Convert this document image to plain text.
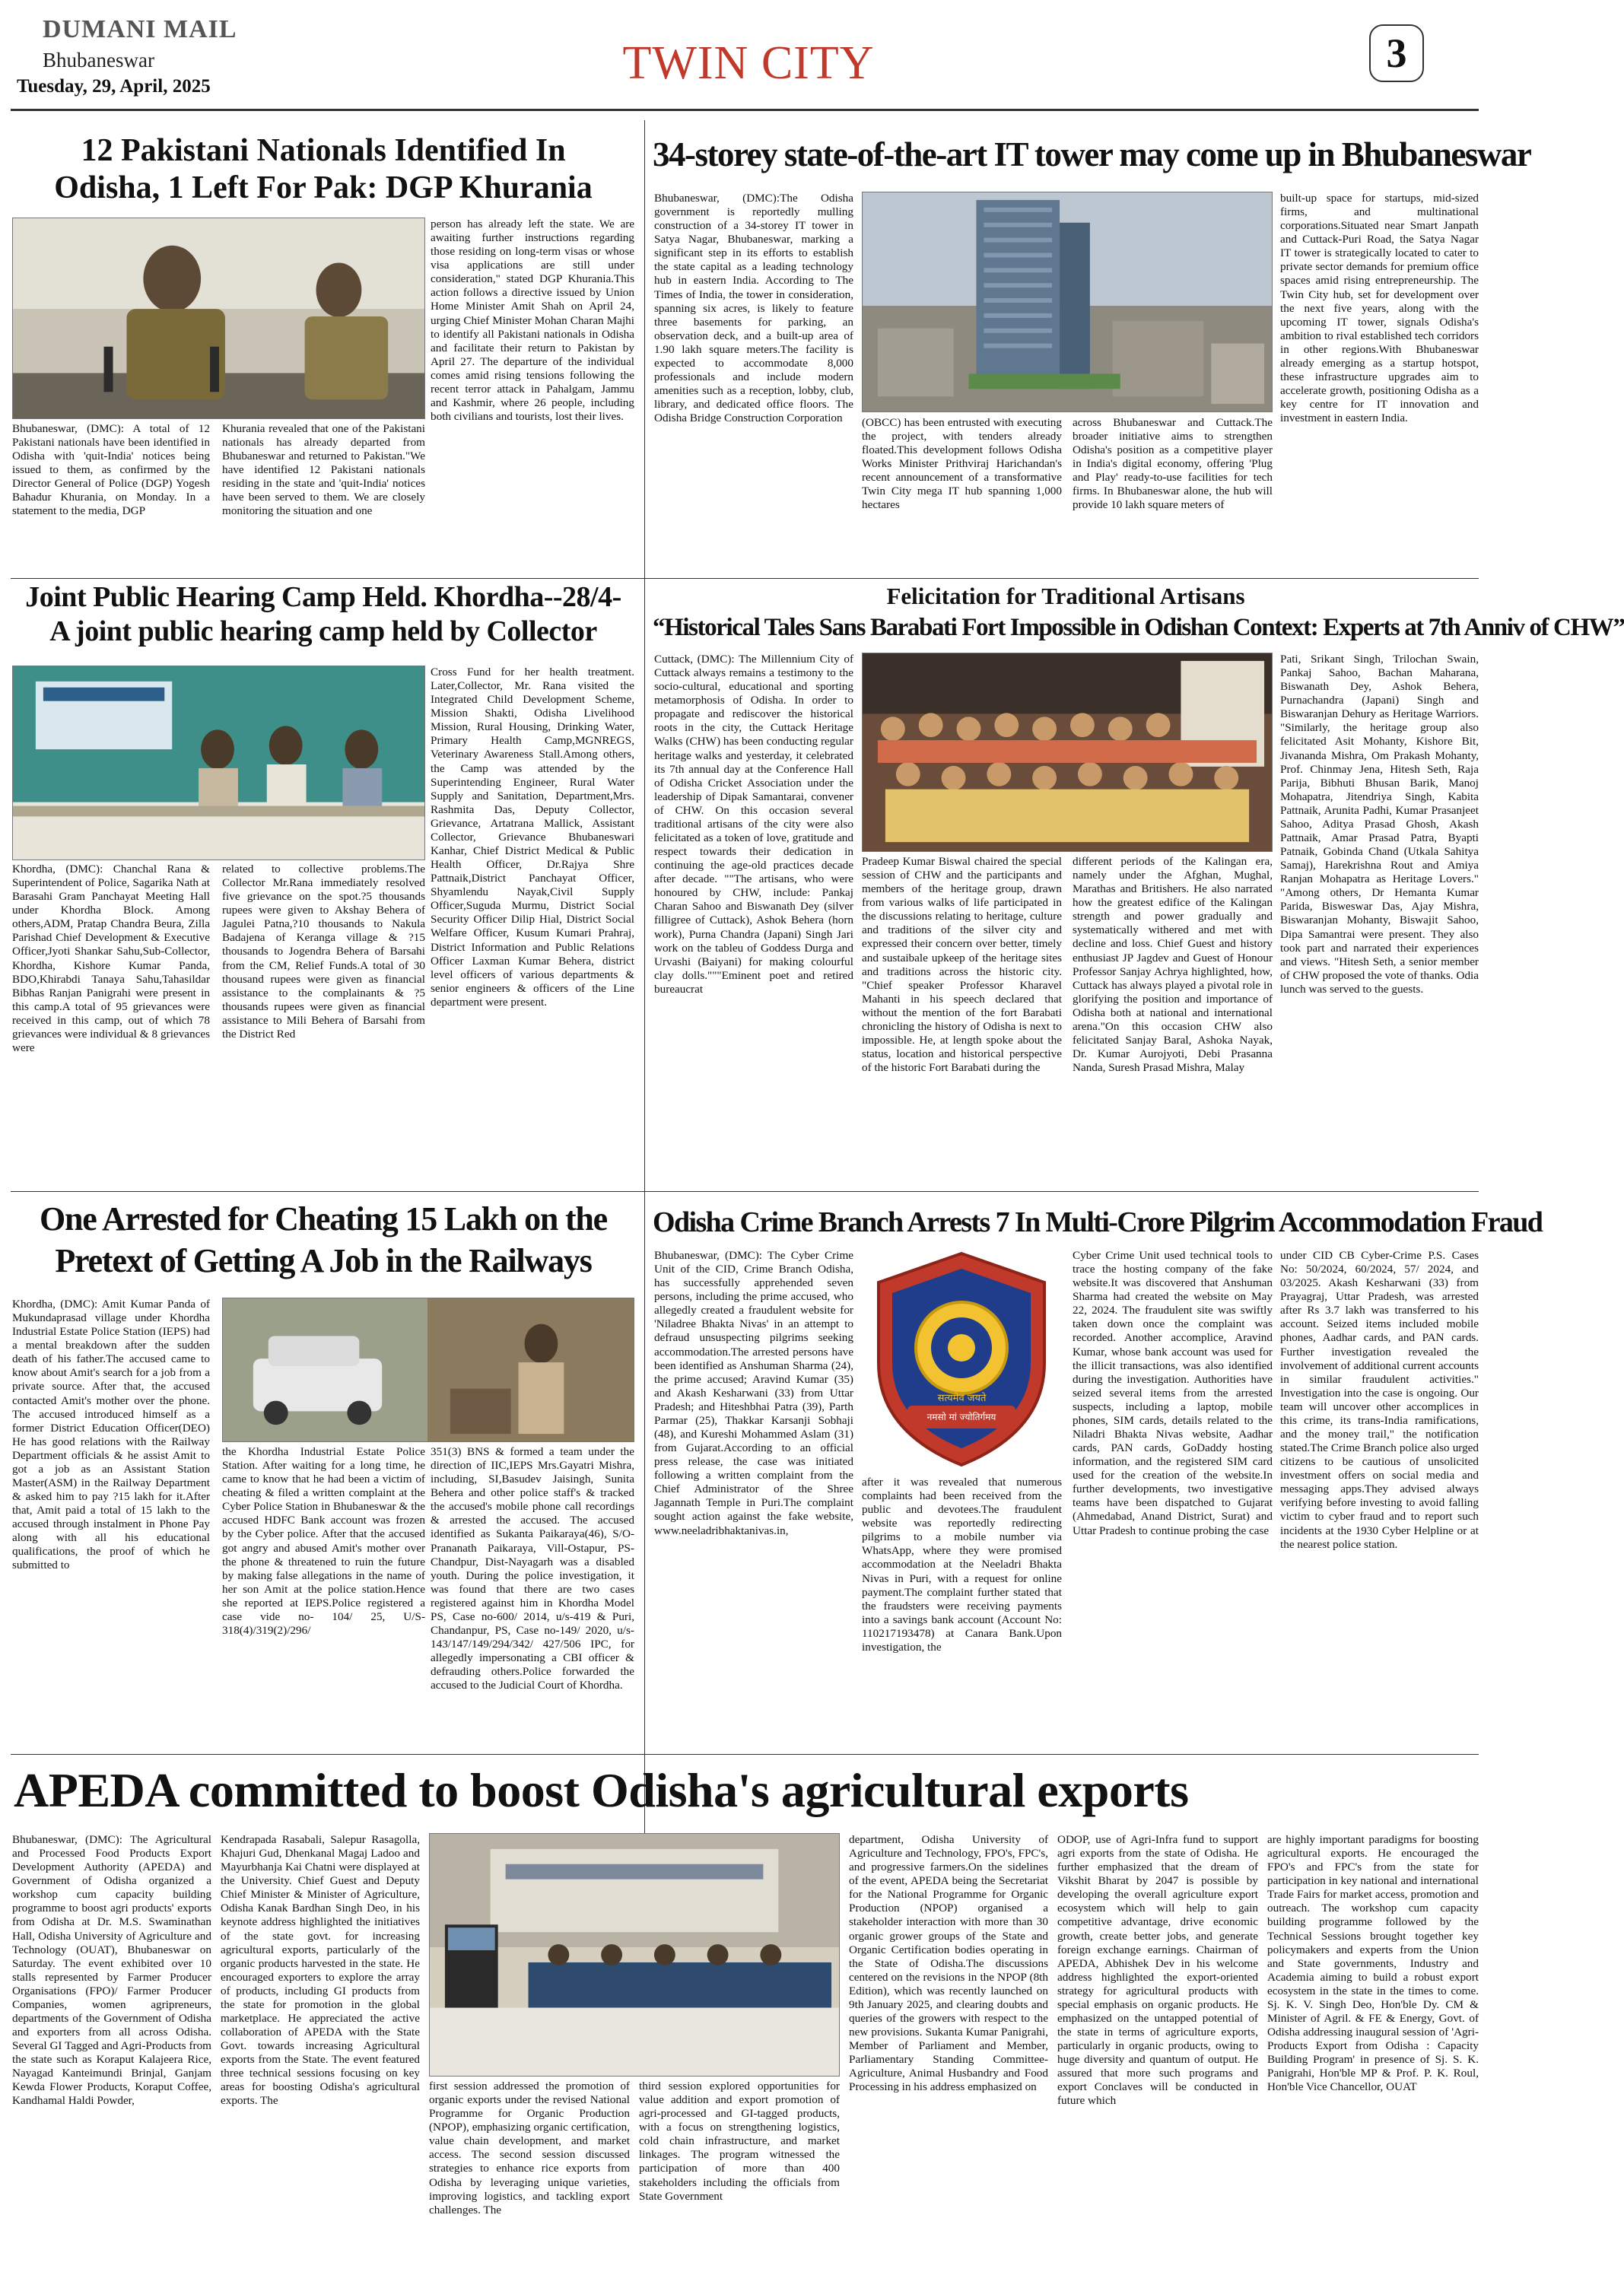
DUMANI MAIL
Bhubaneswar
Tuesday, 29, April, 2025	TWIN CITY	3
12 Pakistani Nationals Identified In
Odisha, 1 Left For Pak: DGP Khurania
Bhubaneswar, (DMC): A total of 12 Pakistani nationals have been identified in Odisha with 'quit-India' notices being issued to them, as confirmed by the Director General of Police (DGP) Yogesh Bahadur Khurania, on Monday. In a statement to the media, DGP
Khurania revealed that one of the Pakistani nationals has already departed from Bhubaneswar and returned to Pakistan."We have identified 12 Pakistani nationals residing in the state and 'quit-India' notices have been served to them. We are closely monitoring the situation and one
person has already left the state. We are awaiting further instructions regarding those residing on long-term visas or whose visa applications are still under consideration," stated DGP Khurania.This action follows a directive issued by Union Home Minister Amit Shah on April 24, urging Chief Minister Mohan Charan Majhi to identify all Pakistani nationals in Odisha and facilitate their return to Pakistan by April 27. The departure of the individual comes amid rising tensions following the recent terror attack in Pahalgam, Jammu and Kashmir, where 26 people, including both civilians and tourists, lost their lives.
34-storey state-of-the-art IT tower may come up in Bhubaneswar
Bhubaneswar, (DMC):The Odisha government is reportedly mulling construction of a 34-storey IT tower in Satya Nagar, Bhubaneswar, marking a significant step in its efforts to establish the state capital as a leading technology hub in eastern India. According to The Times of India, the tower in consideration, spanning six acres, is likely to feature three basements for parking, an observation deck, and a built-up area of 1.90 lakh square meters.The facility is expected to accommodate 8,000 professionals and include modern amenities such as a reception, lobby, club, library, and dedicated office floors. The Odisha Bridge Construction Corporation	(OBCC) has been entrusted with executing the project, with tenders already floated.This development follows Odisha Works Minister Prithviraj Harichandan's recent announcement of a transformative Twin City mega IT hub spanning 1,000 hectares
across Bhubaneswar and Cuttack.The broader initiative aims to strengthen Odisha's position as a competitive player in India's digital economy, offering 'Plug and Play' ready-to-use facilities for tech firms. In Bhubaneswar alone, the hub will provide 10 lakh square meters of
built-up space for startups, mid-sized firms, and multinational corporations.Situated near Smart Janpath and Cuttack-Puri Road, the Satya Nagar IT tower is strategically located to cater to private sector demands for premium office spaces amid rising entrepreneurship. The Twin City hub, set for development over the next five years, along with the upcoming IT tower, signals Odisha's ambition to rival established tech corridors in other regions.With Bhubaneswar already emerging as a startup hotspot, these infrastructure upgrades aim to accelerate growth, positioning Odisha as a key centre for IT innovation and investment in eastern India.
Joint Public Hearing Camp Held. Khordha--28/4-
A joint public hearing camp held by Collector
Khordha, (DMC): Chanchal Rana & Superintendent of Police, Sagarika Nath at Barasahi Gram Panchayat Meeting Hall under Khordha Block. Among others,ADM, Pratap Chandra Beura, Zilla Parishad Chief Development & Executive Officer,Jyoti Shankar Sahu,Sub-Collector, Khordha, Kishore Kumar Panda, BDO,Khirabdi Tanaya Sahu,Tahasildar Bibhas Ranjan Panigrahi were present in this camp.A total of 95 grievances were received in this camp, out of which 78 grievances were individual & 8 grievances were
related to collective problems.The Collector Mr.Rana immediately resolved five grievance on the spot.?5 thousands rupees were given to Akshay Behera of Jagulei Patna,?10 thousands to Nakula Badajena of Keranga village & ?15 thousands to Jogendra Behera of Barsahi from the CM, Relief Funds.A total of 30 thousand rupees were given as financial assistance to the complainants & ?5 thousands rupees were given as financial assistance to Mili Behera of Barsahi from the District Red
Cross Fund for her health treatment. Later,Collector, Mr. Rana visited the Integrated Child Development Scheme, Mission Shakti, Odisha Livelihood Mission, Rural Housing, Drinking Water, Primary Health Camp,MGNREGS, Veterinary Awareness Stall.Among others, the Camp was attended by the Superintending Engineer, Rural Water Supply and Sanitation, Department,Mrs. Rashmita Das, Deputy Collector, Grievance, Artatrana Mallick, Assistant Collector, Grievance Bhubaneswari Kanhar, Chief District Medical & Public Health Officer, Dr.Rajya Shre Pattnaik,District Panchayat Officer, Shyamlendu Nayak,Civil Supply Officer,Suguda Murmu, District Social Security Officer Dilip Hial, District Social Welfare Officer, Kusum Kumari Prahraj, District Information and Public Relations Officer Laxman Kumar Behera, district level officers of various departments & senior engineers & officers of the Line department were present.
Felicitation for Traditional Artisans
“Historical Tales Sans Barabati Fort Impossible in Odishan Context: Experts at 7th Anniv of CHW”
Cuttack, (DMC): The Millennium City of Cuttack always remains a testimony to the socio-cultural, educational and sporting metamorphosis of Odisha. In order to propagate and rediscover the historical roots in the city, the Cuttack Heritage Walks (CHW) has been conducting regular heritage walks and yesterday, it celebrated its 7th annual day at the Conference Hall of Odisha Cricket Association under the leadership of Dipak Samantarai, convener of CHW. On this occasion several traditional artisans of the city were also felicitated as a token of love, gratitude and respect towards their dedication in continuing the age-old practices decade after decade. ""The artisans, who were honoured by CHW, include: Pankaj Charan Sahoo and Biswanath Dey (silver filligree of Cuttack), Ashok Behera (horn work), Purna Chandra (Japani) Singh Jari work on the tableu of Goddess Durga and Urvashi (Baiyani) for making colourful clay dolls."""Eminent poet and retired bureaucrat
Pradeep Kumar Biswal chaired the special session of CHW and the participants and members of the heritage group, drawn from various walks of life participated in the discussions relating to heritage, culture and traditions of the silver city and expressed their concern over better, timely and sustaibale upkeep of the heritage sites and traditions across the historic city. "Chief speaker Professor Kharavel Mahanti in his speech declared that without the mention of the fort Barabati chronicling the history of Odisha is next to impossible. He, at length spoke about the status, location and historical perspective of the historic Fort Barabati during the
different periods of the Kalingan era, namely under the Afghan, Mughal, Marathas and Britishers. He also narrated how the greatest edifice of the Kalingan strength and power gradually and systematically withered and met with decline and loss. Chief Guest and history enthusiast JP Jagdev and Guest of Honour Professor Sanjay Achrya highlighted, how, Cuttack has always played a pivotal role in glorifying the position and importance of Odisha both at national and international arena."On this occasion CHW also felicitated Sanjay Baral, Ashoka Nayak, Dr. Kumar Aurojyoti, Debi Prasanna Nanda, Suresh Prasad Mishra, Malay
Pati, Srikant Singh, Trilochan Swain, Pankaj Sahoo, Bachan Maharana, Biswanath Dey, Ashok Behera, Purnachandra (Japani) Singh and Biswaranjan Dehury as Heritage Warriors. "Similarly, the heritage group also felicitated Asit Mohanty, Kishore Bit, Jivananda Mishra, Om Prakash Mohanty, Prof. Chinmay Jena, Hitesh Seth, Raja Parija, Bibhuti Bhusan Barik, Manoj Mohapatra, Jitendriya Singh, Kabita Pattnaik, Arunita Padhi, Kumar Prasanjeet Sahoo, Aditya Prasad Ghosh, Akash Pattnaik, Amar Prasad Patra, Byapti Patnaik, Gobinda Chand (Utkala Sahitya Samaj), Harekrishna Rout and Amiya Ranjan Mohapatra as Heritage Lovers." "Among others, Dr Hemanta Kumar Parida, Bisweswar Das, Ajay Mishra, Biswaranjan Mohanty, Biswajit Sahoo, Dipa Samantrai were present. They also took part and narrated their experiences and views. "Hitesh Seth, a senior member of CHW proposed the vote of thanks. Odia lunch was served to the guests.
One Arrested for Cheating 15 Lakh on the
Pretext of Getting A Job in the Railways
Khordha, (DMC): Amit Kumar Panda of Mukundaprasad village under Khordha Industrial Estate Police Station (IEPS) had a mental breakdown after the sudden death of his father.The accused came to know about Amit's search for a job from a private source. After that, the accused contacted Amit's mother over the phone. The accused introduced himself as a former District Education Officer(DEO) He has good relations with the Railway Department officials & he assist Amit to got a job as an Assistant Station Master(ASM) in the Railway Department & asked him to pay ?15 lakh for it.After that, Amit paid a total of 15 lakh to the accused through instalment in Phone Pay along with all his educational qualifications, the proof of which he submitted to
the Khordha Industrial Estate Police Station. After waiting for a long time, he came to know that he had been a victim of cheating & filed a written complaint at the Cyber Police Station in Bhubaneswar & the accused HDFC Bank account was frozen by the Cyber police. After that the accused got angry and abused Amit's mother over the phone & threatened to ruin the future by making false allegations in the name of her son Amit at the police station.Hence she reported at IEPS.Police registered a case vide no- 104/ 25, U/S-318(4)/319(2)/296/
351(3) BNS & formed a team under the direction of IIC,IEPS Mrs.Gayatri Mishra, including, SI,Basudev Jaisingh, Sunita Behera and other police staff's & tracked the accused's mobile phone call recordings & arrested the accused. The accused identified as Sukanta Paikaraya(46), S/O-Prananath Paikaraya, Vill-Ostapur, PS-Chandpur, Dist-Nayagarh was a disabled youth. During the police investigation, it was found that there are two cases registered against him in Khordha Model PS, Case no-600/ 2014, u/s-419 & Puri, Chandanpur, PS, Case no-149/ 2020, u/s-143/147/149/294/342/ 427/506 IPC, for allegedly impersonating a CBI officer & defrauding others.Police forwarded the accused to the Judicial Court of Khordha.
Odisha Crime Branch Arrests 7 In Multi-Crore Pilgrim Accommodation Fraud
Bhubaneswar, (DMC): The Cyber Crime Unit of the CID, Crime Branch Odisha, has successfully apprehended seven persons, including the prime accused, who allegedly created a fraudulent website for 'Niladree Bhakta Nivas' in an attempt to defraud unsuspecting pilgrims seeking accommodation.The arrested persons have been identified as Anshuman Sharma (24), the prime accused; Aravind Kumar (35) and Akash Kesharwani (33) from Uttar Pradesh; and Hiteshbhai Patra (39), Parth Parmar (25), Thakkar Karsanji Sobhaji (48), and Kureshi Mohammed Aslam (31) from Gujarat.According to an official press release, the case was initiated following a written complaint from the Chief Administrator of the Shree Jagannath Temple in Puri.The complaint sought action against the fake website, www.neeladribhaktanivas.in,
सत्यमेव जयते
नमसो मां ज्योतिर्गमय
after it was revealed that numerous complaints had been received from the public and devotees.The fraudulent website was reportedly redirecting pilgrims to a mobile number via WhatsApp, where they were promised accommodation at the Neeladri Bhakta Nivas in Puri, with a request for online payment.The complaint further stated that the fraudsters were receiving payments into a savings bank account (Account No: 110217193478) at Canara Bank.Upon investigation, the
Cyber Crime Unit used technical tools to trace the hosting company of the fake website.It was discovered that Anshuman Sharma had created the website on May 22, 2024. The fraudulent site was swiftly taken down once the complaint was recorded. Another accomplice, Aravind Kumar, whose bank account was used for the illicit transactions, was also identified during the investigation. Authorities have seized several items from the arrested suspects, including a laptop, mobile phones, SIM cards, details related to the Niladri Bhakta Nivas website, Aadhar cards, PAN cards, GoDaddy hosting information, and the registered SIM card used for the creation of the website.In further developments, two investigative teams have been dispatched to Gujarat (Ahmedabad, Anand District, Surat) and Uttar Pradesh to continue probing the case
under CID CB Cyber-Crime P.S. Cases No: 50/2024, 60/2024, 57/ 2024, and 03/2025. Akash Kesharwani (33) from Prayagraj, Uttar Pradesh, was arrested after Rs 3.7 lakh was transferred to his account. Seized items included mobile phones, Aadhar cards, and PAN cards. Further investigation revealed the involvement of additional current accounts in similar fraudulent activities." Investigation into the case is ongoing. Our team will uncover other accomplices in this crime, its trans-India ramifications, and the money trail," the notification stated.The Crime Branch police also urged citizens to be cautious of unsolicited investment offers on social media and messaging apps.They advised always verifying before investing to avoid falling victim to cyber fraud and to report such incidents at the 1930 Cyber Helpline or at the nearest police station.
APEDA committed to boost Odisha's agricultural exports
Bhubaneswar, (DMC): The Agricultural and Processed Food Products Export Development Authority (APEDA) and Government of Odisha organized a workshop cum capacity building programme to boost agri products' exports from Odisha at Dr. M.S. Swaminathan Hall, Odisha University of Agriculture and Technology (OUAT), Bhubaneswar on Saturday. The event exhibited over 10 stalls represented by Farmer Producer Organisations (FPO)/ Farmer Producer Companies, women agripreneurs, departments of the Government of Odisha and exporters from all across Odisha. Several GI Tagged and Agri-Products from the state such as Koraput Kalajeera Rice, Nayagad Kanteimundi Brinjal, Ganjam Kewda Flower Products, Koraput Coffee, Kandhamal Haldi Powder,
Kendrapada Rasabali, Salepur Rasagolla, Khajuri Gud, Dhenkanal Magaj Ladoo and Mayurbhanja Kai Chatni were displayed at the University. Chief Guest and Deputy Chief Minister & Minister of Agriculture, Odisha Kanak Bardhan Singh Deo, in his keynote address highlighted the initiatives of the state govt. for increasing agricultural exports, particularly of the organic products harvested in the state. He encouraged exporters to explore the array of products, including GI products from the state for promotion in the global marketplace. He appreciated the active collaboration of APEDA with the State Govt. towards increasing Agricultural exports from the State. The event featured three technical sessions focusing on key areas for boosting Odisha's agricultural exports. The
first session addressed the promotion of organic exports under the revised National Programme for Organic Production (NPOP), emphasizing organic certification, value chain development, and market access. The second session discussed strategies to enhance rice exports from Odisha by leveraging unique varieties, improving logistics, and tackling export challenges. The
third session explored opportunities for value addition and export promotion of agri-processed and GI-tagged products, with a focus on strengthening logistics, cold chain infrastructure, and market linkages. The program witnessed the participation of more than 400 stakeholders including the officials from State Government
department, Odisha University of Agriculture and Technology, FPO's, FPC's, and progressive farmers.On the sidelines of the event, APEDA being the Secretariat for the National Programme for Organic Production (NPOP) organised a stakeholder interaction with more than 30 organic grower groups of the State and Organic Certification bodies operating in the State of Odisha.The discussions centered on the revisions in the NPOP (8th Edition), which was recently launched on 9th January 2025, and clearing doubts and queries of the growers with respect to the new provisions. Sukanta Kumar Panigrahi, Member of Parliament and Member, Parliamentary Standing Committee-Agriculture, Animal Husbandry and Food Processing in his address emphasized on
ODOP, use of Agri-Infra fund to support agri exports from the state of Odisha. He further emphasized that the dream of Vikshit Bharat by 2047 is possible by developing the overall agriculture export ecosystem which will help to gain competitive advantage, drive economic growth, create better jobs, and generate foreign exchange earnings. Chairman of APEDA, Abhishek Dev in his welcome address highlighted the export-oriented strategy for agricultural products with special emphasis on organic products. He emphasized on the untapped potential of the state in terms of agriculture exports, particularly in organic products, owing to huge diversity and quantum of output. He assured that more such programs and export Conclaves will be conducted in future which
are highly important paradigms for boosting agricultural exports. He encouraged the FPO's and FPC's from the state for participation in key national and international Trade Fairs for market access, promotion and outreach. The workshop cum capacity building programme followed by the Technical Sessions brought together key policymakers and experts from the Union and State governments, Industry and Academia aiming to build a robust export ecosystem in the state in the times to come. Sj. K. V. Singh Deo, Hon'ble Dy. CM & Minister of Agril. & FE & Energy, Govt. of Odisha addressing inaugural session of 'Agri-Products Export from Odisha : Capacity Building Program' in presence of Sj. S. K. Panigrahi, Hon'ble MP & Prof. P. K. Roul, Hon'ble Vice Chancellor, OUAT
